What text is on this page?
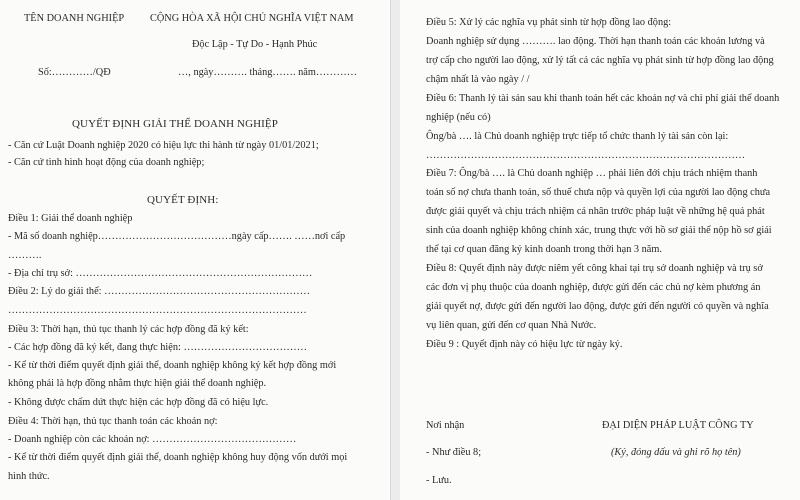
TÊN DOANH NGHIỆP	CỘNG HÒA XÃ HỘI CHỦ NGHĨA VIỆT NAM
Độc Lập - Tự Do - Hạnh Phúc
Số:…………/QĐ	…, ngày………. tháng……. năm…………
QUYẾT ĐỊNH GIẢI THỂ DOANH NGHIỆP
- Căn cứ Luật Doanh nghiệp 2020 có hiệu lực thi hành từ ngày 01/01/2021;
- Căn cứ tình hình hoạt động của doanh nghiệp;
QUYẾT ĐỊNH:
Điều 1: Giải thể doanh nghiệp
- Mã số doanh nghiệp…………………………………ngày cấp……. ……nơi cấp
……….
- Địa chỉ trụ sở: ……………………………………………………………
Điều 2: Lý do giải thể: ……………………………………………………
……………………………………………………………………………
Điều 3: Thời hạn, thủ tục thanh lý các hợp đồng đã ký kết:
- Các hợp đồng đã ký kết, đang thực hiện: ………………………………
- Kể từ thời điểm quyết định giải thể, doanh nghiệp không ký kết hợp đồng mới
không phải là hợp đồng nhằm thực hiện giải thể doanh nghiệp.
- Không được chấm dứt thực hiện các hợp đồng đã có hiệu lực.
Điều 4: Thời hạn, thủ tục thanh toán các khoản nợ:
- Doanh nghiệp còn các khoản nợ: ……………………………………
- Kể từ thời điểm quyết định giải thể, doanh nghiệp không huy động vốn dưới mọi
hình thức.
Điều 5: Xử lý các nghĩa vụ phát sinh từ hợp đồng lao động:
Doanh nghiệp sử dụng ………. lao động. Thời hạn thanh toán các khoản lương và
trợ cấp cho người lao động, xử lý tất cả các nghĩa vụ phát sinh từ hợp đồng lao động
chậm nhất là vào ngày / /
Điều 6: Thanh lý tài sản sau khi thanh toán hết các khoản nợ và chi phí giải thể doanh
nghiệp (nếu có)
Ông/bà …. là Chủ doanh nghiệp trực tiếp tổ chức thanh lý tài sản còn lại:
…………………………………………………………………………………
Điều 7: Ông/bà …. là Chủ doanh nghiệp … phải liên đới chịu trách nhiệm thanh
toán số nợ chưa thanh toán, số thuế chưa nộp và quyền lợi của người lao động chưa
được giải quyết và chịu trách nhiệm cá nhân trước pháp luật về những hệ quả phát
sinh của doanh nghiệp không chính xác, trung thực với hồ sơ giải thể nộp hồ sơ giải
thể tại cơ quan đăng ký kinh doanh trong thời hạn 3 năm.
Điều 8: Quyết định này được niêm yết công khai tại trụ sở doanh nghiệp và trụ sở
các đơn vị phụ thuộc của doanh nghiệp, được gửi đến các chủ nợ kèm phương án
giải quyết nợ, được gửi đến người lao động, được gửi đến người có quyền và nghĩa
vụ liên quan, gửi đến cơ quan Nhà Nước.
Điều 9 : Quyết định này có hiệu lực từ ngày ký.
Nơi nhận	ĐẠI DIỆN PHÁP LUẬT CÔNG TY
- Như điều 8;	(Ký, đóng dấu và ghi rõ họ tên)
- Lưu.
